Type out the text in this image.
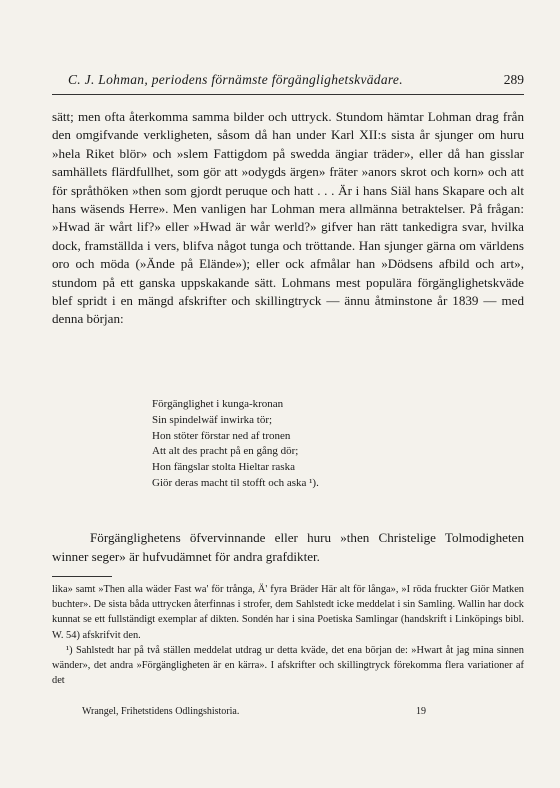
C. J. Lohman, periodens förnämste förgänglighetskvädare.	289

sätt; men ofta återkomma samma bilder och uttryck. Stundom hämtar Lohman drag från den omgifvande verkligheten, såsom då han under Karl XII:s sista år sjunger om huru »hela Riket blör» och »slem Fattigdom på swedda ängiar träder», eller då han gisslar samhällets flärdfullhet, som gör att »odygds ärgen» fräter »anors skrot och korn» och att för språthöken »then som gjordt peruque och hatt . . . Är i hans Siäl hans Skapare och alt hans wäsends Herre». Men vanligen har Lohman mera allmänna betraktelser. På frågan: »Hwad är wårt lif?» eller »Hwad är wår werld?» gifver han rätt tankedigra svar, hvilka dock, framställda i vers, blifva något tunga och tröttande. Han sjunger gärna om världens oro och möda (»Ände på Elände»); eller ock afmålar han »Dödsens afbild och art», stundom på ett ganska uppskakande sätt. Lohmans mest populära förgänglighetskväde blef spridt i en mängd afskrifter och skillingtryck — ännu åtminstone år 1839 — med denna början:

Förgänglighet i kunga-kronan
Sin spindelwäf inwirka tör;
Hon stöter förstar ned af tronen
Att alt des pracht på en gång dör;
Hon fängslar stolta Hieltar raska
Giör deras macht til stofft och aska ¹).

Förgänglighetens öfvervinnande eller huru »then Christelige Tolmodigheten winner seger» är hufvudämnet för andra grafdikter.

lika» samt »Then alla wäder Fast wa' för trånga, Ä' fyra Bräder Här alt för långa», »I röda fruckter Giör Matken buchter». De sista båda uttrycken återfinnas i strofer, dem Sahlstedt icke meddelat i sin Samling. Wallin har dock kunnat se ett fullständigt exemplar af dikten. Sondén har i sina Poetiska Samlingar (handskrift i Linköpings bibl. W. 54) afskrifvit den.

¹) Sahlstedt har på två ställen meddelat utdrag ur detta kväde, det ena början de: »Hwart åt jag mina sinnen wänder», det andra »Förgängligheten är en kärra». I afskrifter och skillingtryck förekomma flera variationer af det

Wrangel, Frihetstidens Odlingshistoria.	19
